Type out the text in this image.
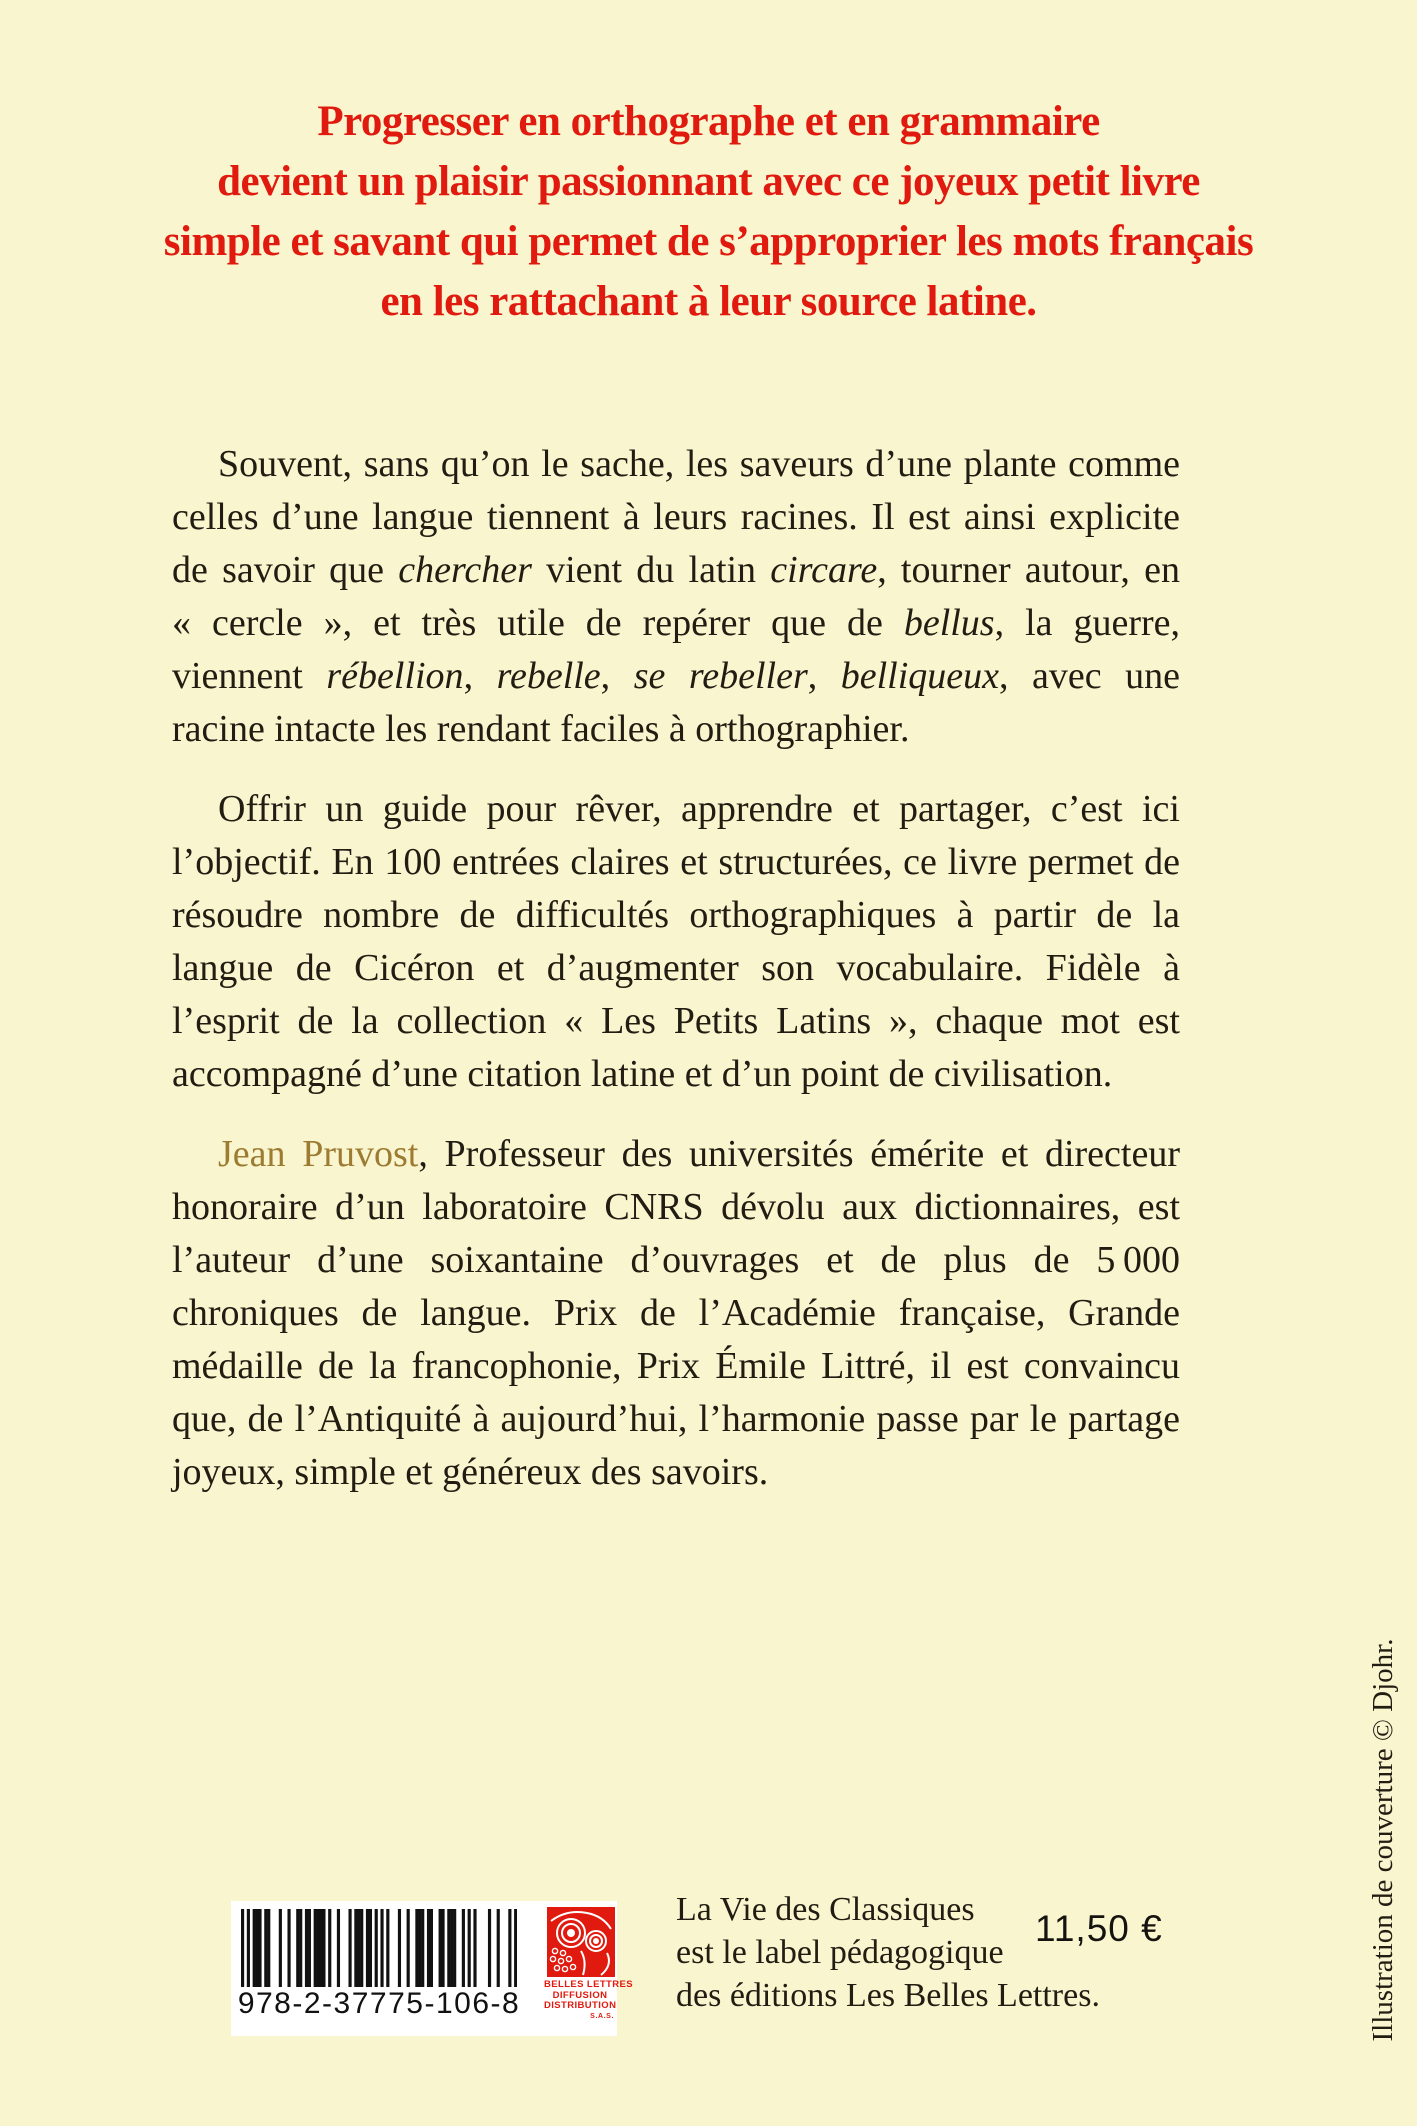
Progresser en orthographe et en grammaire
devient un plaisir passionnant avec ce joyeux petit livre
simple et savant qui permet de s’approprier les mots français
en les rattachant à leur source latine.

Souvent, sans qu’on le sache, les saveurs d’une plante comme celles d’une langue tiennent à leurs racines. Il est ainsi explicite de savoir que chercher vient du latin circare, tourner autour, en « cercle », et très utile de repérer que de bellus, la guerre, viennent rébellion, rebelle, se rebeller, belliqueux, avec une racine intacte les rendant faciles à orthographier.

Offrir un guide pour rêver, apprendre et partager, c’est ici l’objectif. En 100 entrées claires et structurées, ce livre permet de résoudre nombre de difficultés orthographiques à partir de la langue de Cicéron et d’augmenter son vocabulaire. Fidèle à l’esprit de la collection « Les Petits Latins », chaque mot est accompagné d’une citation latine et d’un point de civilisation.

Jean Pruvost, Professeur des universités émérite et directeur honoraire d’un laboratoire CNRS dévolu aux dictionnaires, est l’auteur d’une soixantaine d’ouvrages et de plus de 5 000 chroniques de langue. Prix de l’Académie française, Grande médaille de la francophonie, Prix Émile Littré, il est convaincu que, de l’Antiquité à aujourd’hui, l’harmonie passe par le partage joyeux, simple et généreux des savoirs.

Illustration de couverture © Djohr.
978-2-37775-106-8
BELLES LETTRES
DIFFUSION
DISTRIBUTION
S.A.S.
La Vie des Classiques
est le label pédagogique
des éditions Les Belles Lettres.
11,50 €
